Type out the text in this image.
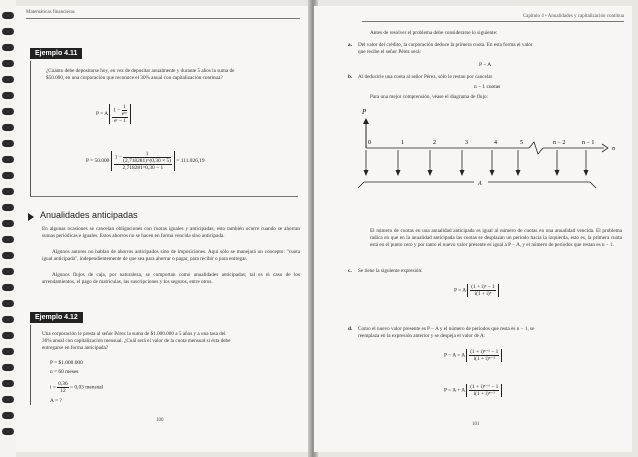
Matemáticas financieras
Ejemplo 4.11
¿Cuánto debe depositarse hoy, en vez de depositar anualmente y durante 5 años la suma de
$50.000, en una corporación que reconoce el 30% anual con capitalización continua?
P = A $\frac{1 - \frac{1}{\text{eⁿʳ}}}{\text{eʳ − 1}}$
$P = 50.000 \frac{1 - \frac{1}{(2,718281)\^{}(0,30 \times 5)}}{2,718281\^{}0,30 - 1} = 111.026,19$
Anualidades anticipadas
En algunas ocasiones se cancelan obligaciones con cuotas iguales y anticipadas; esto también ocurre cuando se ahorran sumas periódicas e iguales. Estos ahorros no se hacen en forma vencida sino anticipada.
Algunos autores no hablan de ahorros anticipados sino de imposiciones. Aquí sólo se manejará un concepto: "cuota igual anticipada", independientemente de que sea para ahorrar o pagar, para recibir o para entregar.
Algunos flujos de caja, por naturaleza, se comportan como anualidades anticipadas; tal es el caso de los arrendamientos, el pago de matrículas, las suscripciones y los seguros, entre otros.
Ejemplo 4.12
Una corporación le presta al señor Pérez la suma de $1.000.000 a 5 años y a una tasa del
36% anual con capitalización mensual. ¿Cuál será el valor de la cuota mensual si ésta debe
entregarse en forma anticipada?
P = $1.000.000
n = 60 meses
$i = \frac{0,36}{12} = 0,03$ mensual
A = ?
100
Capítulo 4 • Anualidades y capitalización continua
Antes de resolver el problema debe considerarse lo siguiente:
a. Del valor del crédito, la corporación deduce la primera cuota. En esta forma el valor
que recibe el señor Pérez será:
P − A
b. Al deducirle una cuota al señor Pérez, sólo le restan por cancelar
n − 1 cuotas
Para una mejor comprensión, véase el diagrama de flujo:
P
n
0	1	2	3	4	5	n − 2	n − 1
A
El número de cuotas en una anualidad anticipada es igual al número de cuotas en una anualidad vencida. El problema radica en que en la anualidad anticipada las cuotas se desplazan un período hacia la izquierda, esto es, la primera cuota está en el punto cero y por tanto el nuevo valor presente es igual a P − A, y el número de períodos que restan es n − 1.
c. Se tiene la siguiente expresión:
P = A $\frac{\text{(1 + i)ⁿ − 1}}{\text{i(1 + i)ⁿ}}$
d. Como el nuevo valor presente es P − A y el número de períodos que resta es n − 1, se
reemplaza en la expresión anterior y se despeja el valor de A:
P − A = A $\frac{\text{(1 + i)ⁿ⁻¹ − 1}}{\text{i(1 + i)ⁿ⁻¹}}$
P = A + A $\frac{\text{(1 + i)ⁿ⁻¹ − 1}}{\text{i(1 + i)ⁿ⁻¹}}$
101
